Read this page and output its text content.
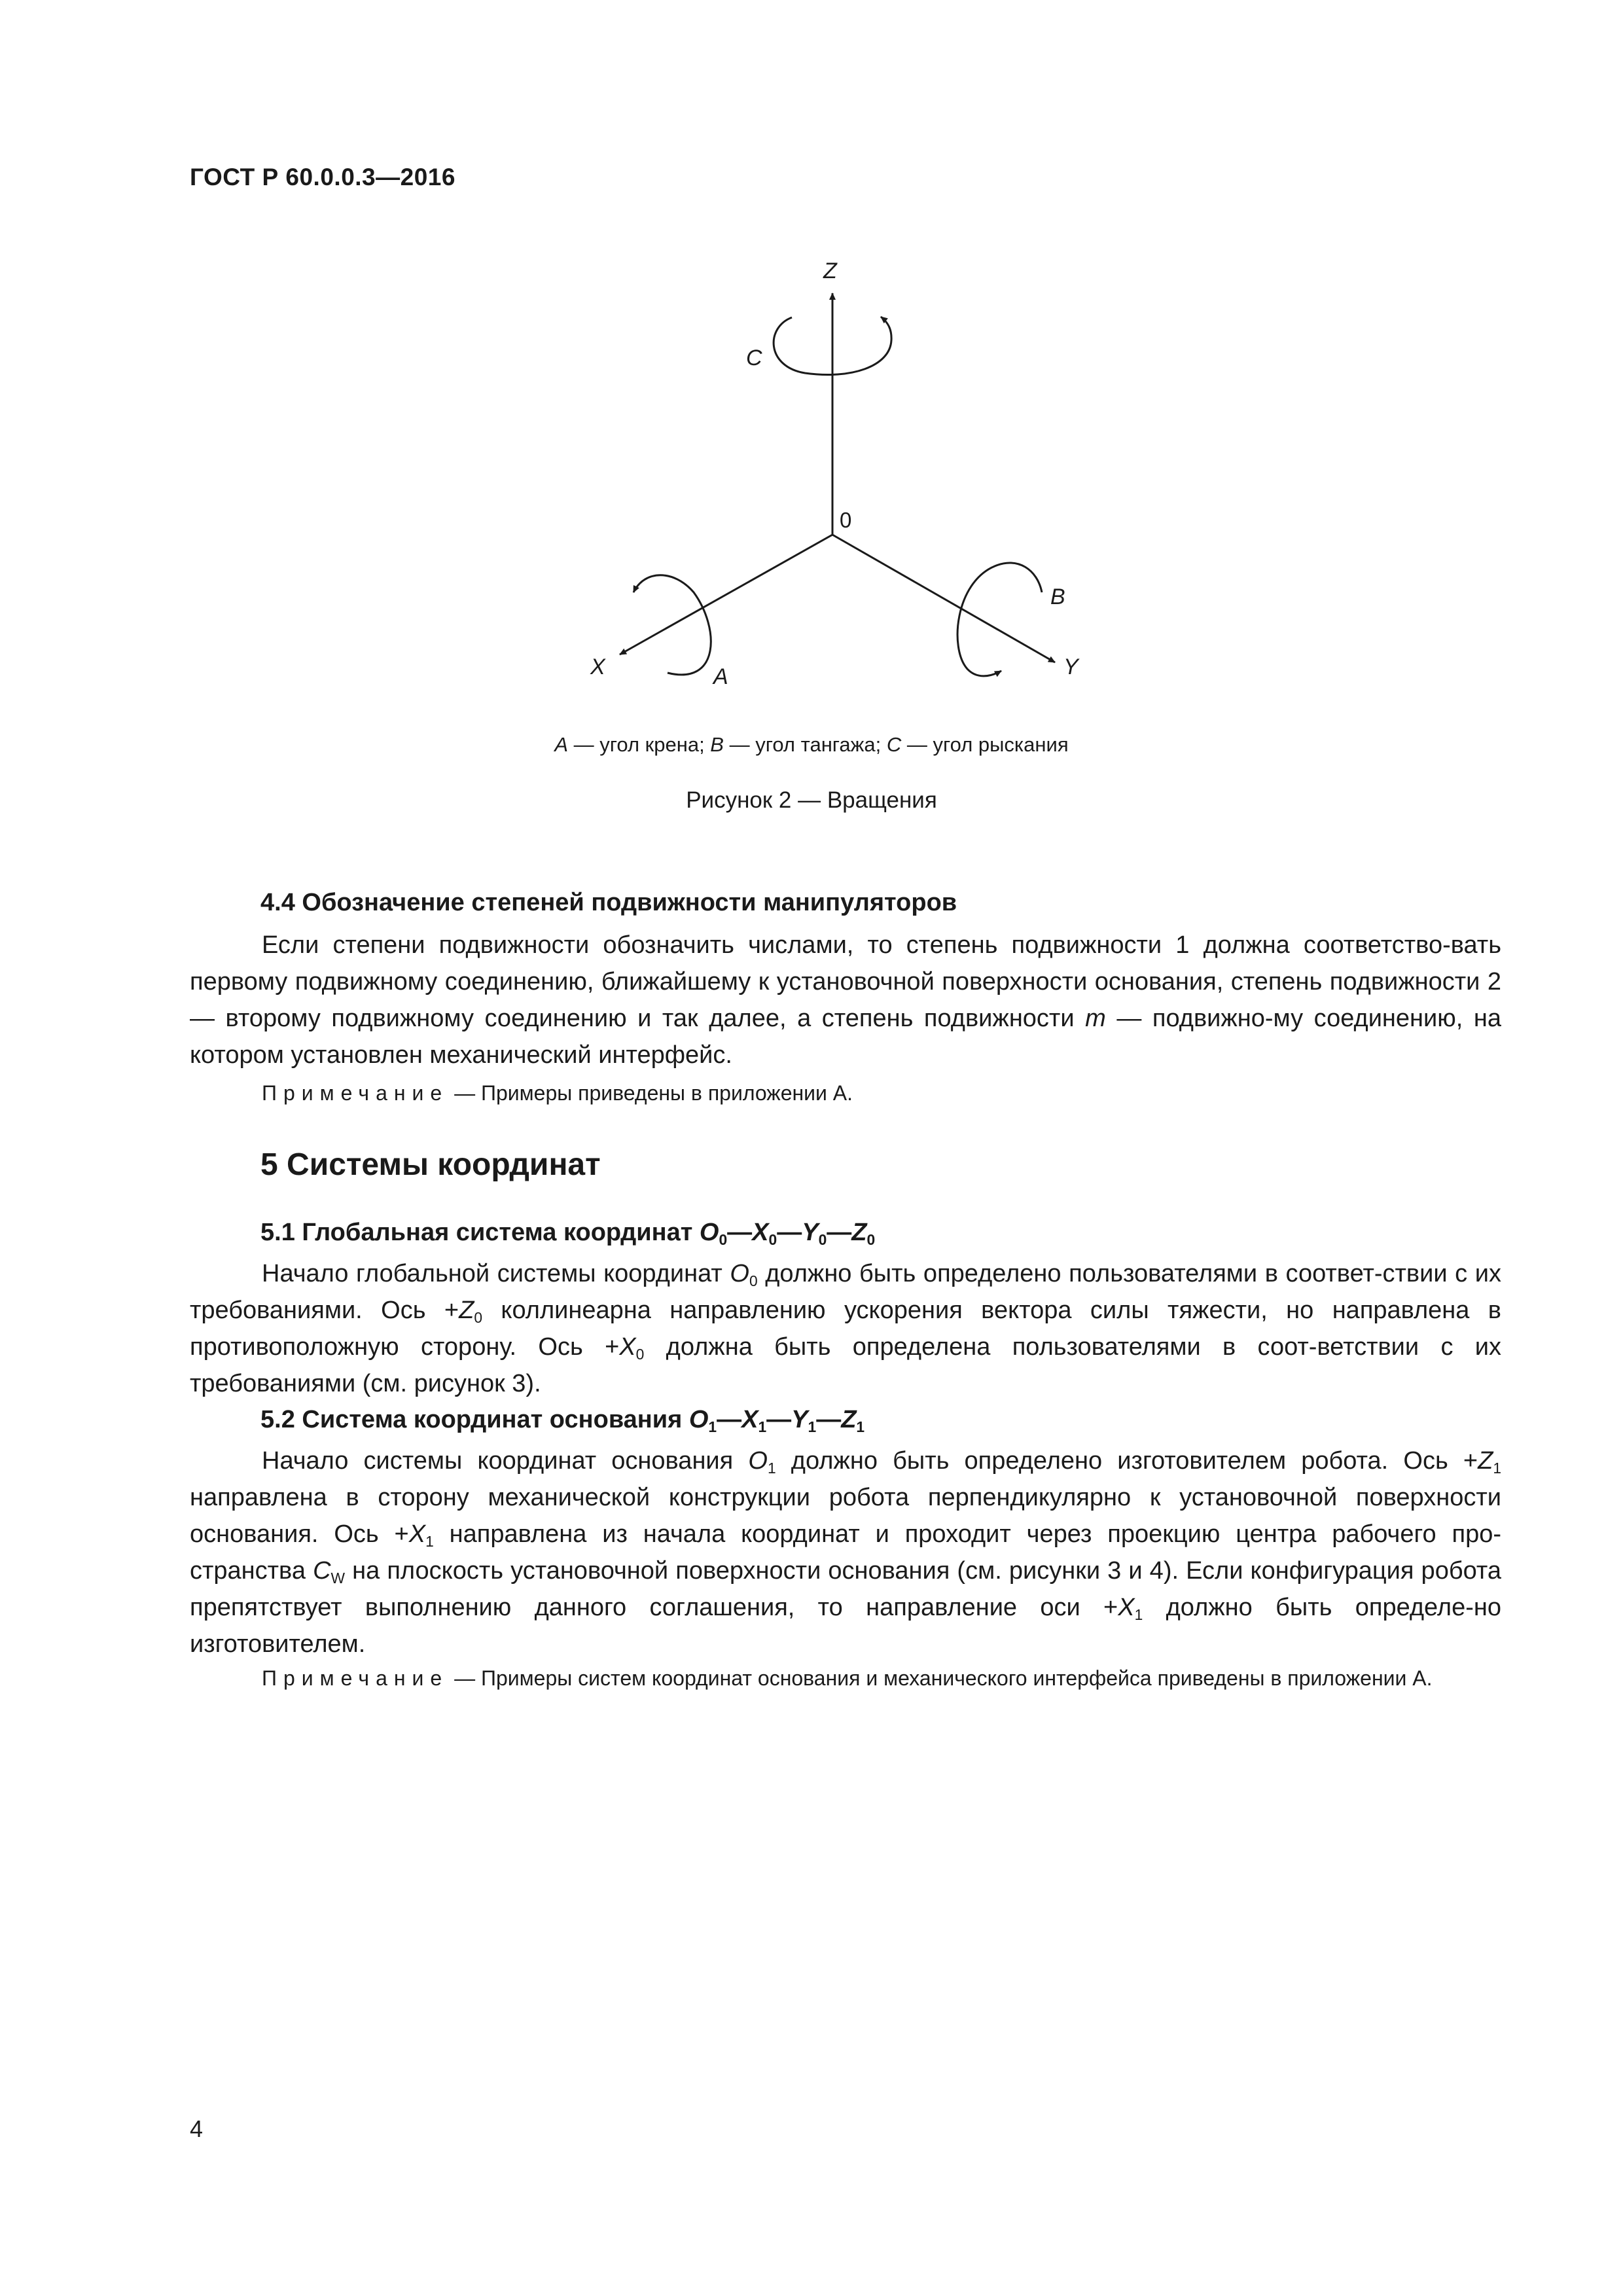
ГОСТ Р 60.0.0.3—2016
Z
C
0
B
X	A	Y
A — угол крена; B — угол тангажа; C — угол рыскания
Рисунок 2 — Вращения
4.4 Обозначение степеней подвижности манипуляторов
Если степени подвижности обозначить числами, то степень подвижности 1 должна соответство-вать первому подвижному соединению, ближайшему к установочной поверхности основания, степень подвижности 2 — второму подвижному соединению и так далее, а степень подвижности m — подвижно-му соединению, на котором установлен механический интерфейс.
Примечание — Примеры приведены в приложении А.
5 Системы координат
5.1 Глобальная система координат $O_0—X_0—Y_0—Z_0$
Начало глобальной системы координат $O_0$ должно быть определено пользователями в соответ-ствии с их требованиями. Ось $+Z_0$ коллинеарна направлению ускорения вектора силы тяжести, но направлена в противоположную сторону. Ось $+X_0$ должна быть определена пользователями в соот-ветствии с их требованиями (см. рисунок 3).
5.2 Система координат основания $O_1—X_1—Y_1—Z_1$
Начало системы координат основания $O_1$ должно быть определено изготовителем робота. Ось $+Z_1$ направлена в сторону механической конструкции робота перпендикулярно к установочной поверхности основания. Ось $+X_1$ направлена из начала координат и проходит через проекцию центра рабочего про-странства $C_W$ на плоскость установочной поверхности основания (см. рисунки 3 и 4). Если конфигурация робота препятствует выполнению данного соглашения, то направление оси $+X_1$ должно быть определе-но изготовителем.
Примечание — Примеры систем координат основания и механического интерфейса приведены в приложении А.
4
